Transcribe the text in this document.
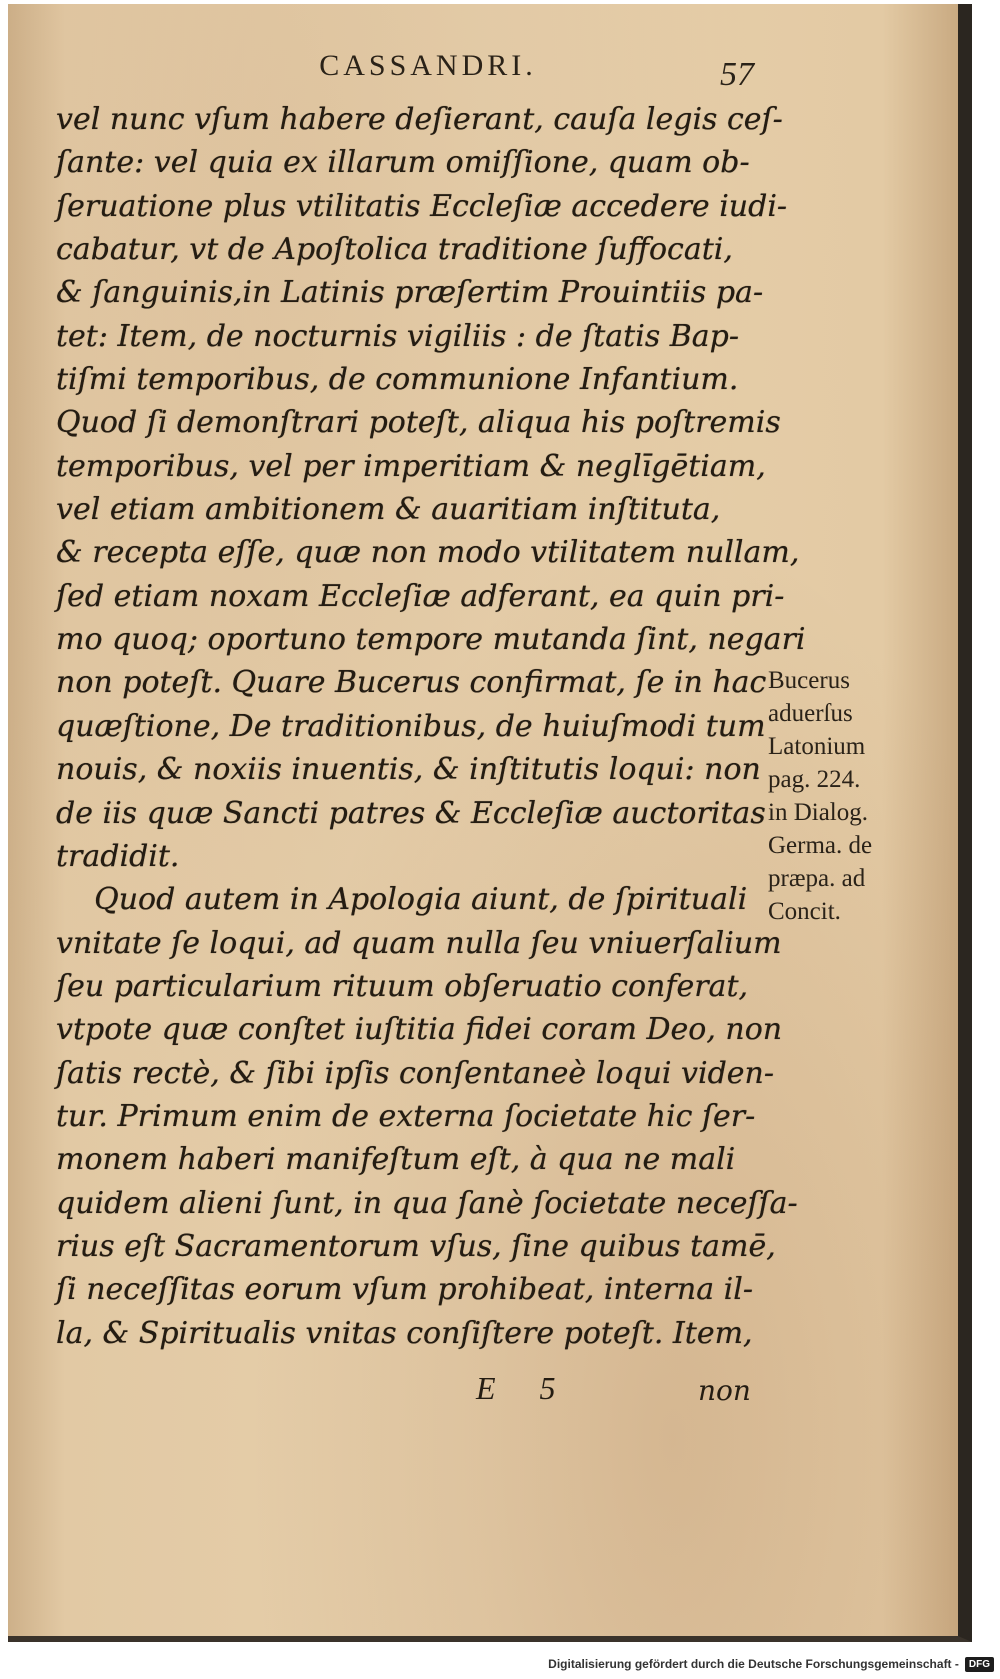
CASSANDRI.	57
vel nunc vſum habere deſierant, cauſa legis ceſ-
ſante: vel quia ex illarum omiſſione, quam ob-
ſeruatione plus vtilitatis Eccleſiæ accedere iudi-
cabatur, vt de Apoſtolica traditione ſuffocati,
& ſanguinis,in Latinis præſertim Prouintiis pa-
tet: Item, de nocturnis vigiliis : de ſtatis Bap-
tiſmi temporibus, de communione Infantium.
Quod ſi demonſtrari poteſt, aliqua his poſtremis
temporibus, vel per imperitiam & neglīgētiam,
vel etiam ambitionem & auaritiam inſtituta,
& recepta eſſe, quæ non modo vtilitatem nullam,
ſed etiam noxam Eccleſiæ adferant, ea quin pri-
mo quoq; oportuno tempore mutanda ſint, negari
non poteſt. Quare Bucerus confirmat, ſe in hac
quæſtione, De traditionibus, de huiuſmodi tum
nouis, & noxiis inuentis, & inſtitutis loqui: non
de iis quæ Sancti patres & Eccleſiæ auctoritas
tradidit.
Quod autem in Apologia aiunt, de ſpirituali
vnitate ſe loqui, ad quam nulla ſeu vniuerſalium
ſeu particularium rituum obſeruatio conferat,
vtpote quæ conſtet iuſtitia fidei coram Deo, non
ſatis rectè, & ſibi ipſis conſentaneè loqui viden-
tur. Primum enim de externa ſocietate hic ſer-
monem haberi manifeſtum eſt, à qua ne mali
quidem alieni ſunt, in qua ſanè ſocietate neceſſa-
rius eſt Sacramentorum vſus, ſine quibus tamē,
ſi neceſſitas eorum vſum prohibeat, interna il-
la, & Spiritualis vnitas conſiſtere poteſt. Item,
Bucerus
aduerſus
Latonium
pag. 224.
in Dialog.
Germa. de
præpa. ad
Concit.
E 5	non
Digitalisierung gefördert durch die Deutsche Forschungsgemeinschaft -	DFG
